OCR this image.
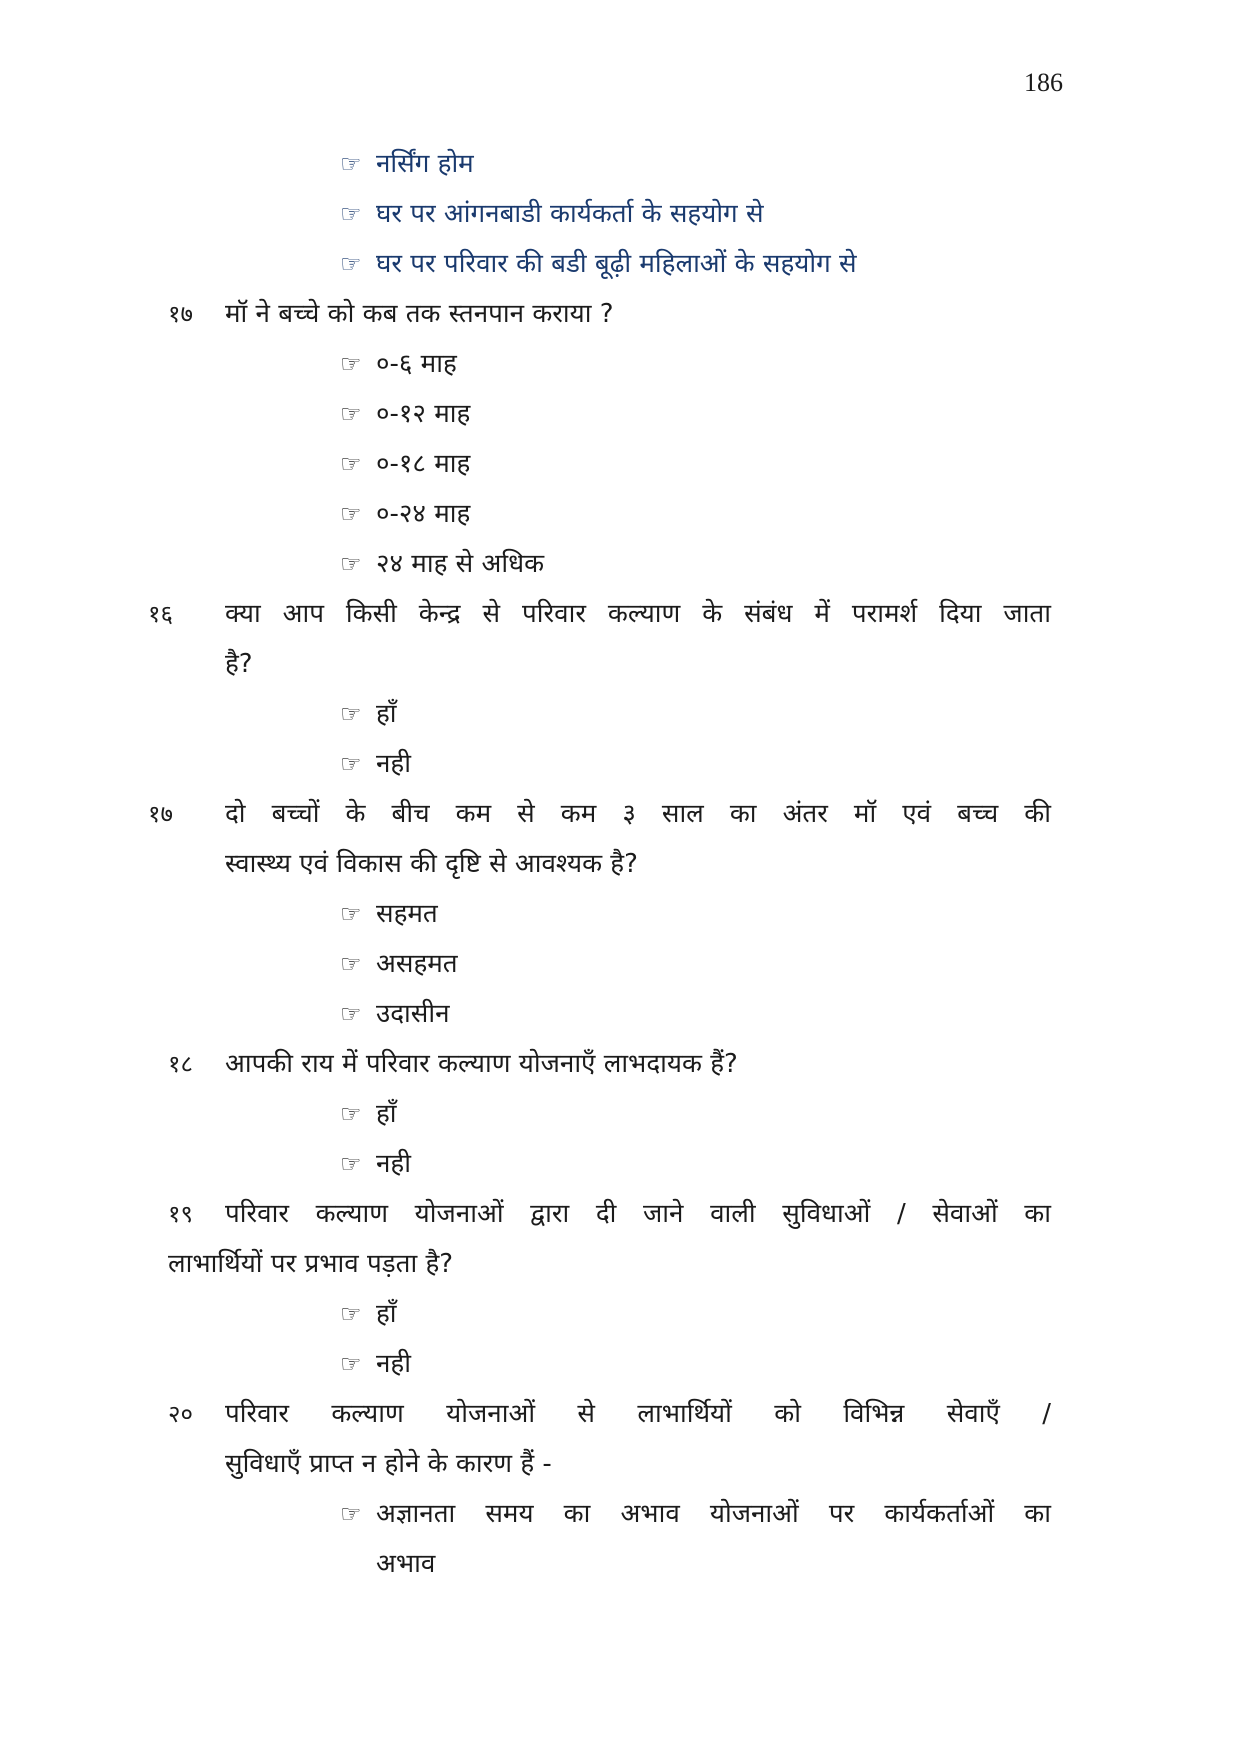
186
☞ नर्सिंग होम
☞ घर पर आंगनबाडी कार्यकर्ता के सहयोग से
☞ घर पर परिवार की बडी बूढ़ी महिलाओं के सहयोग से
१७ मॉ ने बच्चे को कब तक स्तनपान कराया ?
☞ ०-६ माह
☞ ०-१२ माह
☞ ०-१८ माह
☞ ०-२४ माह
☞ २४ माह से अधिक
१६ क्या आप किसी केन्द्र से परिवार कल्याण के संबंध में परामर्श दिया जाता
है?
☞ हाँ
☞ नही
१७ दो बच्चों के बीच कम से कम ३ साल का अंतर मॉ एवं बच्च की
स्वास्थ्य एवं विकास की दृष्टि से आवश्यक है?
☞ सहमत
☞ असहमत
☞ उदासीन
१८ आपकी राय में परिवार कल्याण योजनाएँ लाभदायक हैं?
☞ हाँ
☞ नही
१९ परिवार कल्याण योजनाओं द्वारा दी जाने वाली सुविधाओं / सेवाओं का
लाभार्थियों पर प्रभाव पड़ता है?
☞ हाँ
☞ नही
२० परिवार कल्याण योजनाओं से लाभार्थियों को विभिन्न सेवाएँ /
सुविधाएँ प्राप्त न होने के कारण हैं -
☞ अज्ञानता समय का अभाव योजनाओं पर कार्यकर्ताओं का
अभाव
